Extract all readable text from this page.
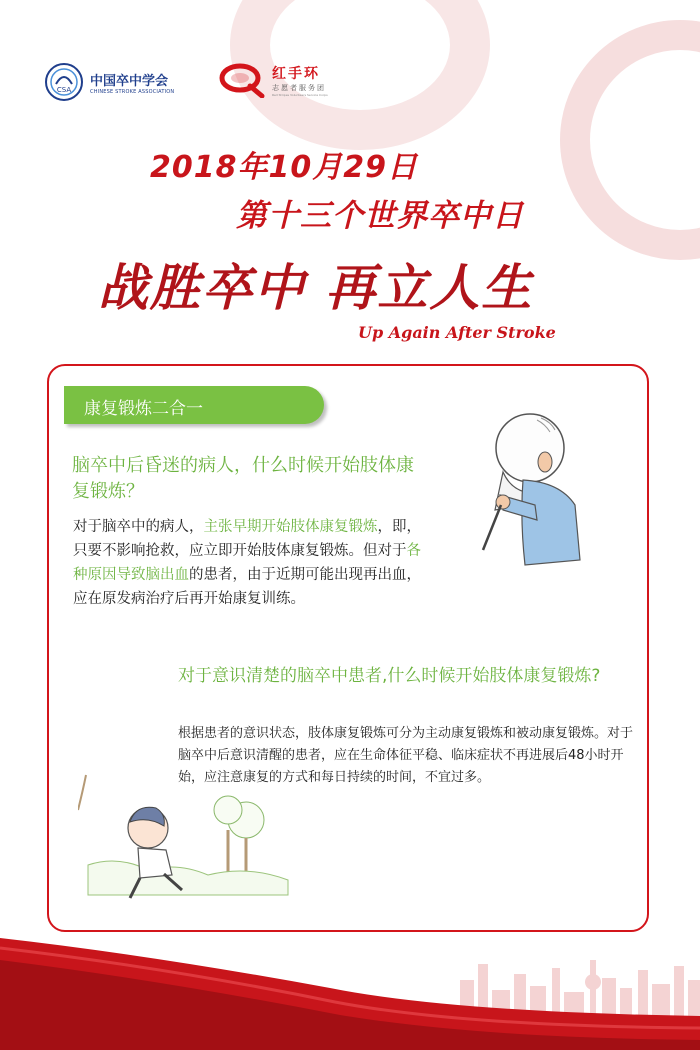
CSA
中国卒中学会
CHINESE STROKE ASSOCIATION
红手环
志愿者服务团
Red Stripes Volunteers Service Corps
2018年10月29日
第十三个世界卒中日
战胜卒中 再立人生
Up Again After Stroke
康复锻炼二合一
脑卒中后昏迷的病人，什么时候开始肢体康复锻炼？
对于脑卒中的病人，主张早期开始肢体康复锻炼，即，只要不影响抢救，应立即开始肢体康复锻炼。但对于各种原因导致脑出血的患者，由于近期可能出现再出血，应在原发病治疗后再开始康复训练。
对于意识清楚的脑卒中患者,什么时候开始肢体康复锻炼?
根据患者的意识状态，肢体康复锻炼可分为主动康复锻炼和被动康复锻炼。对于脑卒中后意识清醒的患者，应在生命体征平稳、临床症状不再进展后48小时开始，应注意康复的方式和每日持续的时间，不宜过多。
